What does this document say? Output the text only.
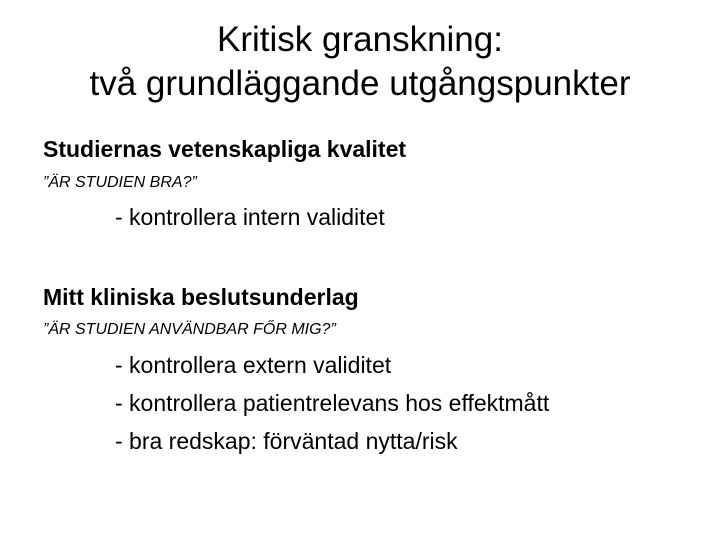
Kritisk granskning:
två grundläggande utgångspunkter
Studiernas vetenskapliga kvalitet
”ÄR STUDIEN BRA?”
- kontrollera intern validitet
Mitt kliniska beslutsunderlag
”ÄR STUDIEN ANVÄNDBAR FŐR MIG?”
- kontrollera extern validitet
- kontrollera patientrelevans hos effektmått
- bra redskap: förväntad nytta/risk
